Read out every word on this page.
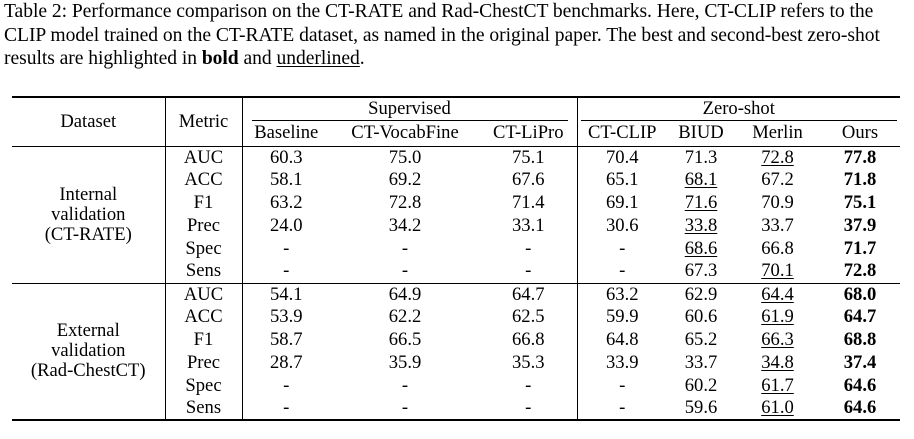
Table 2: Performance comparison on the CT-RATE and Rad-ChestCT benchmarks. Here, CT-CLIP refers to the CLIP model trained on the CT-RATE dataset, as named in the original paper. The best and second-best zero-shot results are highlighted in bold and underlined.
Dataset	Metric	Supervised			Zero-shot			
		Baseline	CT-VocabFine	CT-LiPro	CT-CLIP	BIUD	Merlin	Ours

Internal
validation
(CT-RATE)	AUC	60.3	75.0	75.1	70.4	71.3	72.8	77.8
	ACC	58.1	69.2	67.6	65.1	68.1	67.2	71.8
	F1	63.2	72.8	71.4	69.1	71.6	70.9	75.1
	Prec	24.0	34.2	33.1	30.6	33.8	33.7	37.9
	Spec	-	-	-	-	68.6	66.8	71.7
	Sens	-	-	-	-	67.3	70.1	72.8

External
validation
(Rad-ChestCT)	AUC	54.1	64.9	64.7	63.2	62.9	64.4	68.0
	ACC	53.9	62.2	62.5	59.9	60.6	61.9	64.7
	F1	58.7	66.5	66.8	64.8	65.2	66.3	68.8
	Prec	28.7	35.9	35.3	33.9	33.7	34.8	37.4
	Spec	-	-	-	-	60.2	61.7	64.6
	Sens	-	-	-	-	59.6	61.0	64.6
